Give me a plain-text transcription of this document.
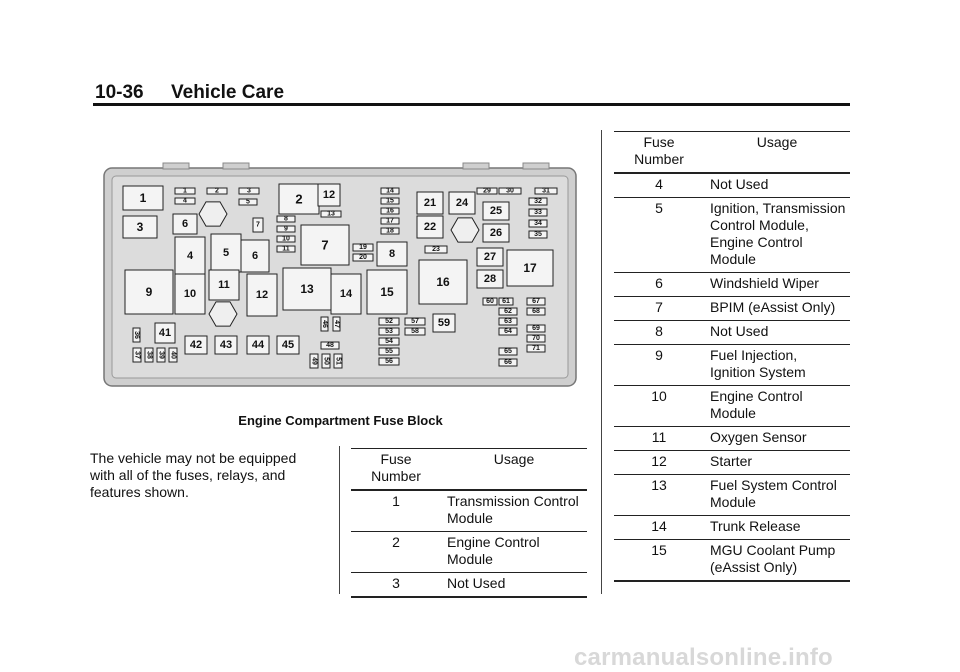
10-36 Vehicle Care
1
3	6
2 12
4	5 6
7
8
9	10
11
12	13 14 15
16
17
21
22
24
25
26
27
28
41
42 43 44 45
59
1
4
2	3
5
7
8
9
10
11
13
14
15
16
17
18
19
20
23
29 30	31
32
33
34
35
36
37 38 39 40
46 47
48
49 50 51
52
53
54
55
56
57
58
60 61
62
63
64
65
66
67
68
69
70
71
Engine Compartment Fuse Block
The vehicle may not be equipped with all of the fuses, relays, and features shown.
Fuse Number	Usage
1	Transmission Control Module
2	Engine Control Module
3	Not Used
Fuse Number	Usage
4	Not Used
5	Ignition, Transmission Control Module, Engine Control Module
6	Windshield Wiper
7	BPIM (eAssist Only)
8	Not Used
9	Fuel Injection, Ignition System
10	Engine Control Module
11	Oxygen Sensor
12	Starter
13	Fuel System Control Module
14	Trunk Release
15	MGU Coolant Pump (eAssist Only)
carmanualsonline.info
